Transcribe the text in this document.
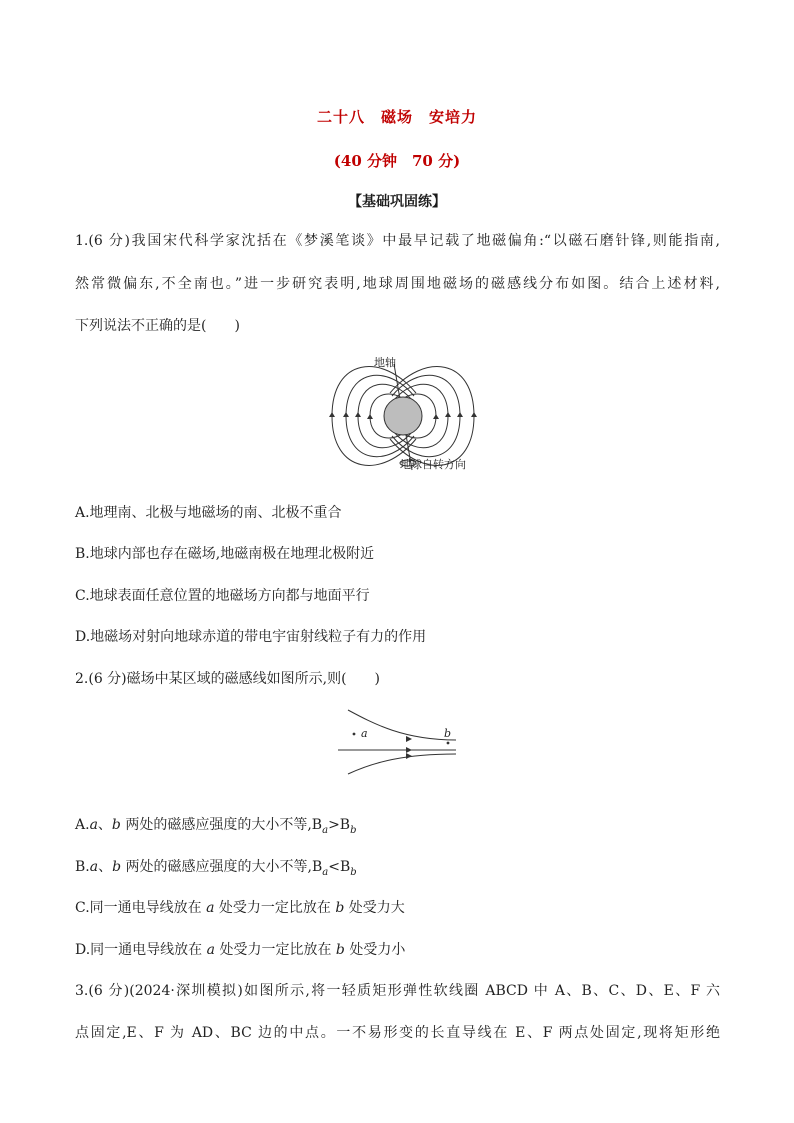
二十八　磁场　安培力
(40 分钟　70 分)
【基础巩固练】
1.(6 分)我国宋代科学家沈括在《梦溪笔谈》中最早记载了地磁偏角:“以磁石磨针锋,则能指南,
然常微偏东,不全南也。”进一步研究表明,地球周围地磁场的磁感线分布如图。结合上述材料,
下列说法不正确的是(　　)
地轴
地球自转方向
A.地理南、北极与地磁场的南、北极不重合
B.地球内部也存在磁场,地磁南极在地理北极附近
C.地球表面任意位置的地磁场方向都与地面平行
D.地磁场对射向地球赤道的带电宇宙射线粒子有力的作用
2.(6 分)磁场中某区域的磁感线如图所示,则(　　)
a	b
A.a、b 两处的磁感应强度的大小不等$,B_a>B_b$
B.a、b 两处的磁感应强度的大小不等$,B_a<B_b$
C.同一通电导线放在 a 处受力一定比放在 b 处受力大
D.同一通电导线放在 a 处受力一定比放在 b 处受力小
3.(6 分)(2024·深圳模拟)如图所示,将一轻质矩形弹性软线圈 ABCD 中 A、B、C、D、E、F 六
点固定,E、F 为 AD、BC 边的中点。一不易形变的长直导线在 E、F 两点处固定,现将矩形绝
